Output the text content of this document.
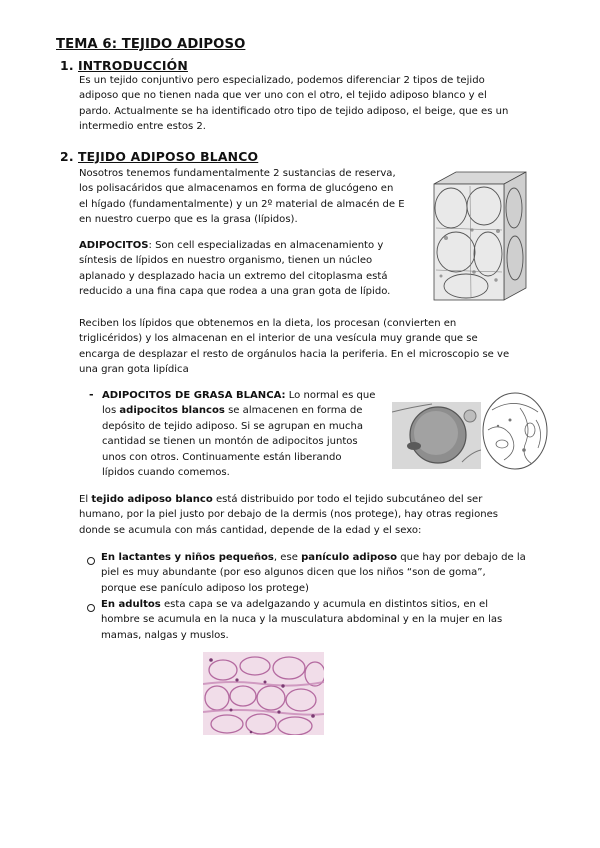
TEMA 6: TEJIDO ADIPOSO
1. INTRODUCCIÓN
Es un tejido conjuntivo pero especializado, podemos diferenciar 2 tipos de tejido
adiposo que no tienen nada que ver uno con el otro, el tejido adiposo blanco y el
pardo. Actualmente se ha identificado otro tipo de tejido adiposo, el beige, que es un
intermedio entre estos 2.
2. TEJIDO ADIPOSO BLANCO
Nosotros tenemos fundamentalmente 2 sustancias de reserva,
los polisacáridos que almacenamos en forma de glucógeno en
el hígado (fundamentalmente) y un 2º material de almacén de E
en nuestro cuerpo que es la grasa (lípidos).
ADIPOCITOS: Son cell especializadas en almacenamiento y
síntesis de lípidos en nuestro organismo, tienen un núcleo
aplanado y desplazado hacia un extremo del citoplasma está
reducido a una fina capa que rodea a una gran gota de lípido.
Reciben los lípidos que obtenemos en la dieta, los procesan (convierten en
triglicéridos) y los almacenan en el interior de una vesícula muy grande que se
encarga de desplazar el resto de orgánulos hacia la periferia. En el microscopio se ve
una gran gota lipídica
- ADIPOCITOS DE GRASA BLANCA: Lo normal es que
los adipocitos blancos se almacenen en forma de
depósito de tejido adiposo. Si se agrupan en mucha
cantidad se tienen un montón de adipocitos juntos
unos con otros. Continuamente están liberando
lípidos cuando comemos.
El tejido adiposo blanco está distribuido por todo el tejido subcutáneo del ser
humano, por la piel justo por debajo de la dermis (nos protege), hay otras regiones
donde se acumula con más cantidad, depende de la edad y el sexo:
En lactantes y niños pequeños, ese panículo adiposo que hay por debajo de la
piel es muy abundante (por eso algunos dicen que los niños “son de goma”,
porque ese panículo adiposo los protege)
En adultos esta capa se va adelgazando y acumula en distintos sitios, en el
hombre se acumula en la nuca y la musculatura abdominal y en la mujer en las
mamas, nalgas y muslos.
